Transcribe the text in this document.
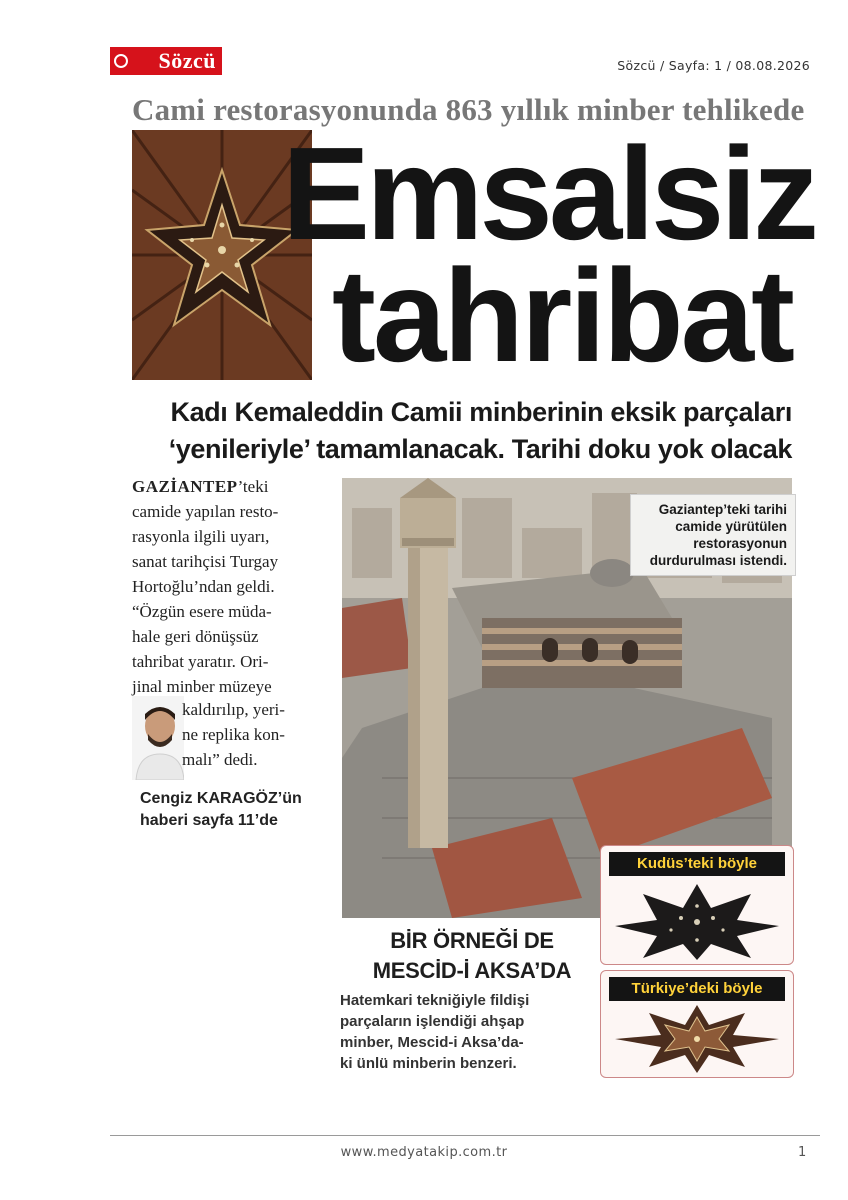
Sözcü	Sözcü / Sayfa: 1 / 08.08.2026
Cami restorasyonunda 863 yıllık minber tehlikede
Emsalsiz
tahribat
Kadı Kemaleddin Camii minberinin eksik parçaları
‘yenileriyle’ tamamlanacak. Tarihi doku yok olacak
GAZİANTEP’teki
camide yapılan resto-
rasyonla ilgili uyarı,
sanat tarihçisi Turgay
Hortoğlu’ndan geldi.
“Özgün esere müda-
hale geri dönüşsüz
tahribat yaratır. Ori-
jinal minber müzeye
kaldırılıp, yeri-
ne replika kon-
malı” dedi.
Cengiz KARAGÖZ’ün
haberi sayfa 11’de
Gaziantep’teki tarihi camide yürütülen restorasyonun durdurulması istendi.
BİR ÖRNEĞİ DE
MESCİD-İ AKSA’DA
Hatemkari tekniğiyle fildişi
parçaların işlendiği ahşap
minber, Mescid-i Aksa’da-
ki ünlü minberin benzeri.
Kudüs’teki böyle
Türkiye’deki böyle
www.medyatakip.com.tr	1
